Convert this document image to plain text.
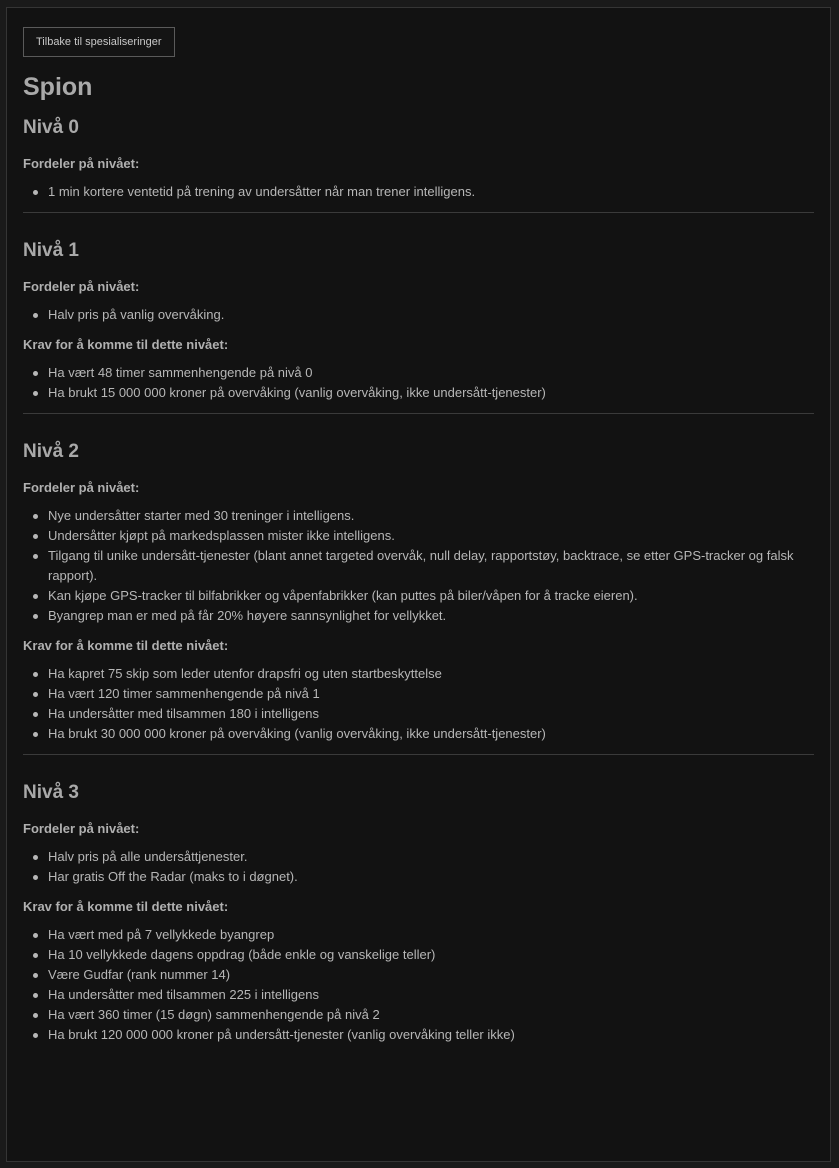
Tilbake til spesialiseringer
Spion
Nivå 0
Fordeler på nivået:
1 min kortere ventetid på trening av undersåtter når man trener intelligens.
Nivå 1
Fordeler på nivået:
Halv pris på vanlig overvåking.
Krav for å komme til dette nivået:
Ha vært 48 timer sammenhengende på nivå 0
Ha brukt 15 000 000 kroner på overvåking (vanlig overvåking, ikke undersått-tjenester)
Nivå 2
Fordeler på nivået:
Nye undersåtter starter med 30 treninger i intelligens.
Undersåtter kjøpt på markedsplassen mister ikke intelligens.
Tilgang til unike undersått-tjenester (blant annet targeted overvåk, null delay, rapportstøy, backtrace, se etter GPS-tracker og falsk rapport).
Kan kjøpe GPS-tracker til bilfabrikker og våpenfabrikker (kan puttes på biler/våpen for å tracke eieren).
Byangrep man er med på får 20% høyere sannsynlighet for vellykket.
Krav for å komme til dette nivået:
Ha kapret 75 skip som leder utenfor drapsfri og uten startbeskyttelse
Ha vært 120 timer sammenhengende på nivå 1
Ha undersåtter med tilsammen 180 i intelligens
Ha brukt 30 000 000 kroner på overvåking (vanlig overvåking, ikke undersått-tjenester)
Nivå 3
Fordeler på nivået:
Halv pris på alle undersåttjenester.
Har gratis Off the Radar (maks to i døgnet).
Krav for å komme til dette nivået:
Ha vært med på 7 vellykkede byangrep
Ha 10 vellykkede dagens oppdrag (både enkle og vanskelige teller)
Være Gudfar (rank nummer 14)
Ha undersåtter med tilsammen 225 i intelligens
Ha vært 360 timer (15 døgn) sammenhengende på nivå 2
Ha brukt 120 000 000 kroner på undersått-tjenester (vanlig overvåking teller ikke)
